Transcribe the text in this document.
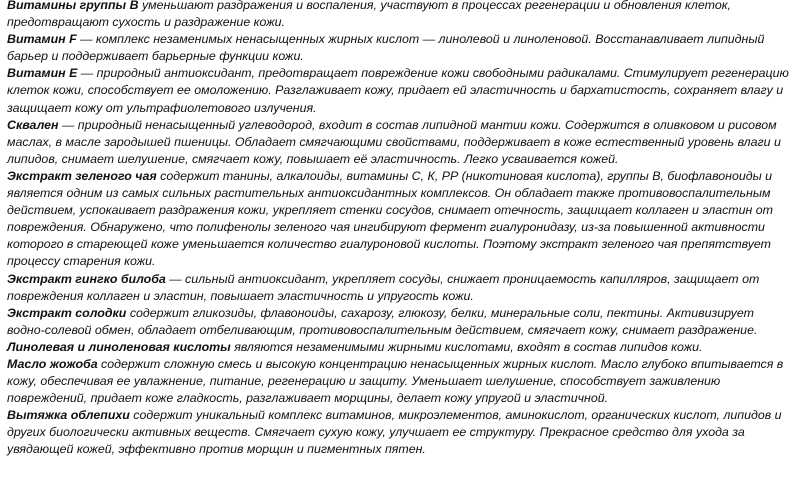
Витамины группы В уменьшают раздражения и воспаления, участвуют в процессах регенерации и обновления клеток, предотвращают сухость и раздражение кожи.

Витамин F — комплекс незаменимых ненасыщенных жирных кислот — линолевой и линоленовой. Восстанавливает липидный барьер и поддерживает барьерные функции кожи.

Витамин Е — природный антиоксидант, предотвращает повреждение кожи свободными радикалами. Стимулирует регенерацию клеток кожи, способствует ее омоложению. Разглаживает кожу, придает ей эластичность и бархатистость, сохраняет влагу и защищает кожу от ультрафиолетового излучения.

Сквален — природный ненасыщенный углеводород, входит в состав липидной мантии кожи. Содержится в оливковом и рисовом маслах, в масле зародышей пшеницы. Обладает смягчающими свойствами, поддерживает в коже естественный уровень влаги и липидов, снимает шелушение, смягчает кожу, повышает её эластичность. Легко усваивается кожей.

Экстракт зеленого чая содержит танины, алкалоиды, витамины С, К, РР (никотиновая кислота), группы В, биофлавоноиды и является одним из самых сильных растительных антиоксидантных комплексов. Он обладает также противовоспалительным действием, успокаивает раздражения кожи, укрепляет стенки сосудов, снимает отечность, защищает коллаген и эластин от повреждения. Обнаружено, что полифенолы зеленого чая ингибируют фермент гиалуронидазу, из-за повышенной активности которого в стареющей коже уменьшается количество гиалуроновой кислоты. Поэтому экстракт зеленого чая препятствует процессу старения кожи.

Экстракт гингко билоба — сильный антиоксидант, укрепляет сосуды, снижает проницаемость капилляров, защищает от повреждения коллаген и эластин, повышает эластичность и упругость кожи.

Экстракт солодки содержит гликозиды, флавоноиды, сахарозу, глюкозу, белки, минеральные соли, пектины. Активизирует водно-солевой обмен, обладает отбеливающим, противовоспалительным действием, смягчает кожу, снимает раздражение.

Линолевая и линоленовая кислоты являются незаменимыми жирными кислотами, входят в состав липидов кожи.

Масло жожоба содержит сложную смесь и высокую концентрацию ненасыщенных жирных кислот. Масло глубоко впитывается в кожу, обеспечивая ее увлажнение, питание, регенерацию и защиту. Уменьшает шелушение, способствует заживлению повреждений, придает коже гладкость, разглаживает морщины, делает кожу упругой и эластичной.

Вытяжка облепихи содержит уникальный комплекс витаминов, микроэлементов, аминокислот, органических кислот, липидов и других биологически активных веществ. Смягчает сухую кожу, улучшает ее структуру. Прекрасное средство для ухода за увядающей кожей, эффективно против морщин и пигментных пятен.
